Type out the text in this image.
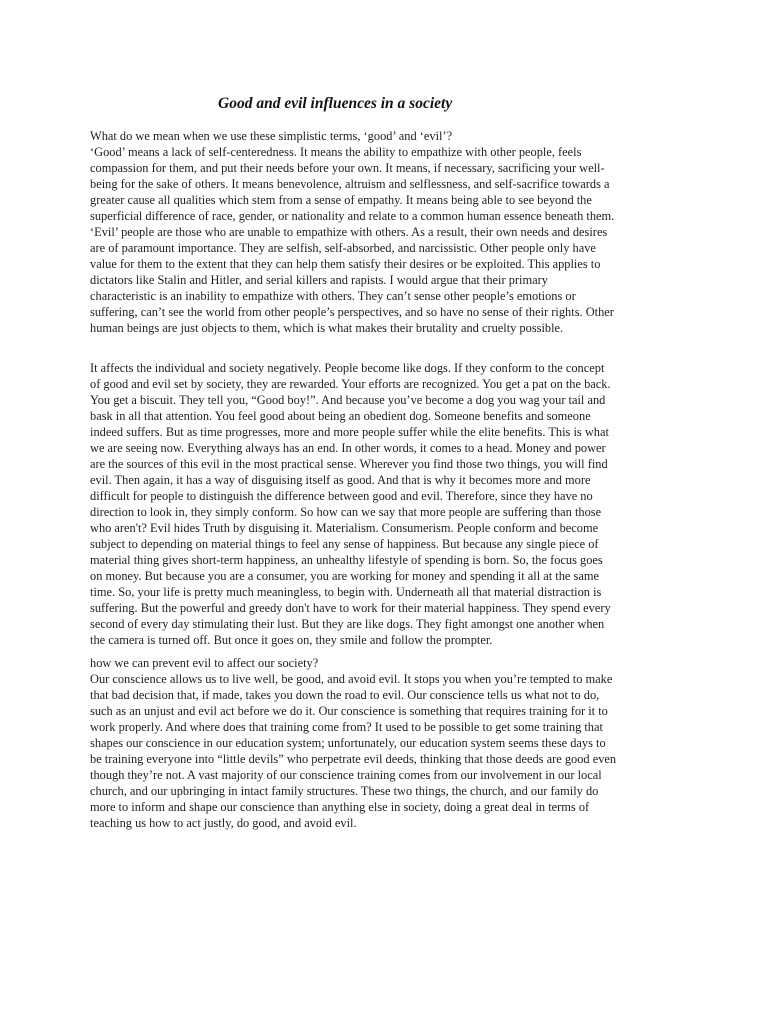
Good and evil influences in a society
What do we mean when we use these simplistic terms, ‘good’ and ‘evil’?
‘Good’ means a lack of self-centeredness. It means the ability to empathize with other people, feels
compassion for them, and put their needs before your own. It means, if necessary, sacrificing your well-
being for the sake of others. It means benevolence, altruism and selflessness, and self-sacrifice towards a
greater cause all qualities which stem from a sense of empathy. It means being able to see beyond the
superficial difference of race, gender, or nationality and relate to a common human essence beneath them.
‘Evil’ people are those who are unable to empathize with others. As a result, their own needs and desires
are of paramount importance. They are selfish, self-absorbed, and narcissistic. Other people only have
value for them to the extent that they can help them satisfy their desires or be exploited. This applies to
dictators like Stalin and Hitler, and serial killers and rapists. I would argue that their primary
characteristic is an inability to empathize with others. They can’t sense other people’s emotions or
suffering, can’t see the world from other people’s perspectives, and so have no sense of their rights. Other
human beings are just objects to them, which is what makes their brutality and cruelty possible.
It affects the individual and society negatively. People become like dogs. If they conform to the concept
of good and evil set by society, they are rewarded. Your efforts are recognized. You get a pat on the back.
You get a biscuit. They tell you, “Good boy!”. And because you’ve become a dog you wag your tail and
bask in all that attention. You feel good about being an obedient dog. Someone benefits and someone
indeed suffers. But as time progresses, more and more people suffer while the elite benefits. This is what
we are seeing now. Everything always has an end. In other words, it comes to a head. Money and power
are the sources of this evil in the most practical sense. Wherever you find those two things, you will find
evil. Then again, it has a way of disguising itself as good. And that is why it becomes more and more
difficult for people to distinguish the difference between good and evil. Therefore, since they have no
direction to look in, they simply conform. So how can we say that more people are suffering than those
who aren't? Evil hides Truth by disguising it. Materialism. Consumerism. People conform and become
subject to depending on material things to feel any sense of happiness. But because any single piece of
material thing gives short-term happiness, an unhealthy lifestyle of spending is born. So, the focus goes
on money. But because you are a consumer, you are working for money and spending it all at the same
time. So, your life is pretty much meaningless, to begin with. Underneath all that material distraction is
suffering. But the powerful and greedy don't have to work for their material happiness. They spend every
second of every day stimulating their lust. But they are like dogs. They fight amongst one another when
the camera is turned off. But once it goes on, they smile and follow the prompter.
how we can prevent evil to affect our society?
Our conscience allows us to live well, be good, and avoid evil. It stops you when you’re tempted to make
that bad decision that, if made, takes you down the road to evil. Our conscience tells us what not to do,
such as an unjust and evil act before we do it. Our conscience is something that requires training for it to
work properly. And where does that training come from? It used to be possible to get some training that
shapes our conscience in our education system; unfortunately, our education system seems these days to
be training everyone into “little devils” who perpetrate evil deeds, thinking that those deeds are good even
though they’re not. A vast majority of our conscience training comes from our involvement in our local
church, and our upbringing in intact family structures. These two things, the church, and our family do
more to inform and shape our conscience than anything else in society, doing a great deal in terms of
teaching us how to act justly, do good, and avoid evil.
